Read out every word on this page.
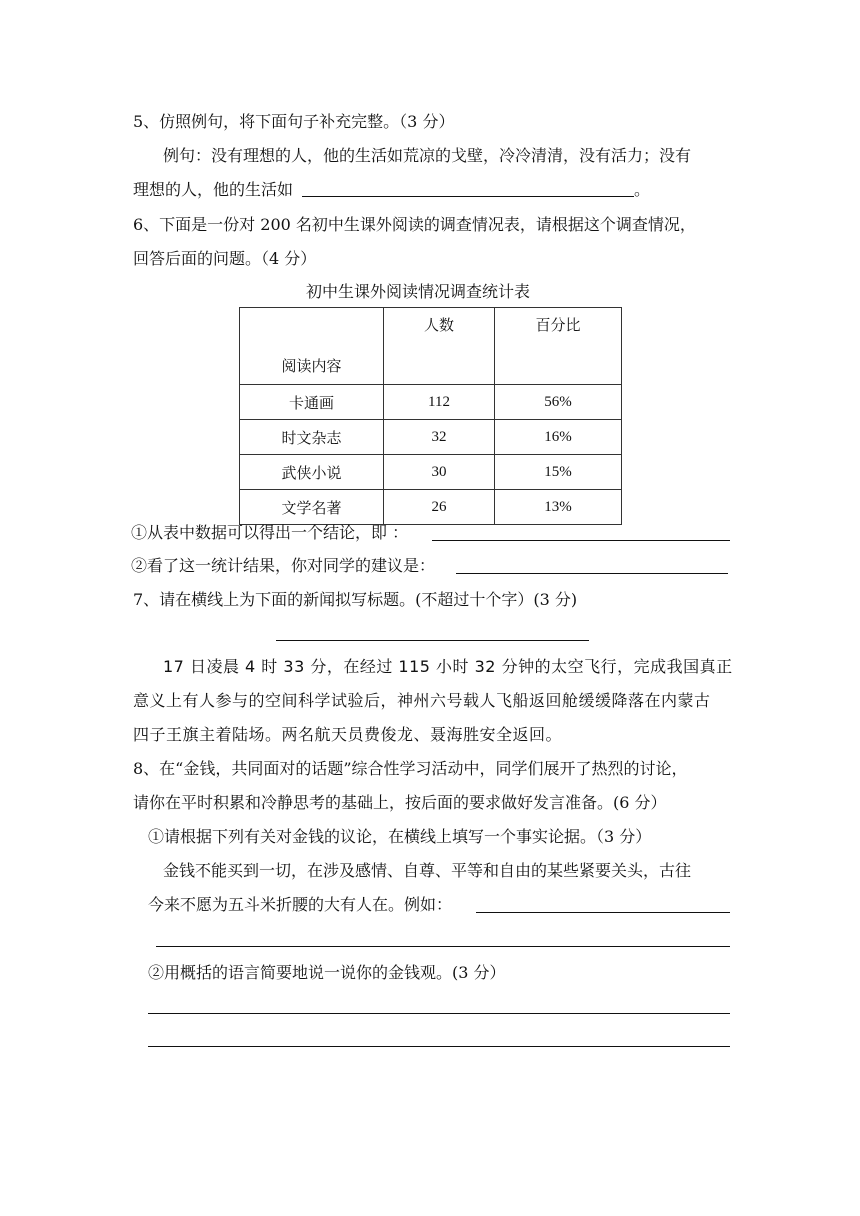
5、仿照例句，将下面句子补充完整。（3 分）
例句：没有理想的人，他的生活如荒凉的戈壁，冷冷清清，没有活力；没有
理想的人，他的生活如	。
6、下面是一份对 200 名初中生课外阅读的调查情况表，请根据这个调查情况，
回答后面的问题。（4 分）
初中生课外阅读情况调查统计表
阅读内容	人数	百分比
卡通画	112	56%
时文杂志	32	16%
武侠小说	30	15%
文学名著	26	13%
①从表中数据可以得出一个结论，即 ：
②看了这一统计结果，你对同学的建议是：
7、请在横线上为下面的新闻拟写标题。(不超过十个字）(3 分)
17 日凌晨 4 时 33 分，在经过 115 小时 32 分钟的太空飞行，完成我国真正
意义上有人参与的空间科学试验后，神州六号载人飞船返回舱缓缓降落在内蒙古
四子王旗主着陆场。两名航天员费俊龙、聂海胜安全返回。
8、在“金钱，共同面对的话题”综合性学习活动中，同学们展开了热烈的讨论，
请你在平时积累和冷静思考的基础上，按后面的要求做好发言准备。(6 分）
①请根据下列有关对金钱的议论，在横线上填写一个事实论据。（3 分）
金钱不能买到一切，在涉及感情、自尊、平等和自由的某些紧要关头，古往
今来不愿为五斗米折腰的大有人在。例如：
②用概括的语言简要地说一说你的金钱观。(3 分）
